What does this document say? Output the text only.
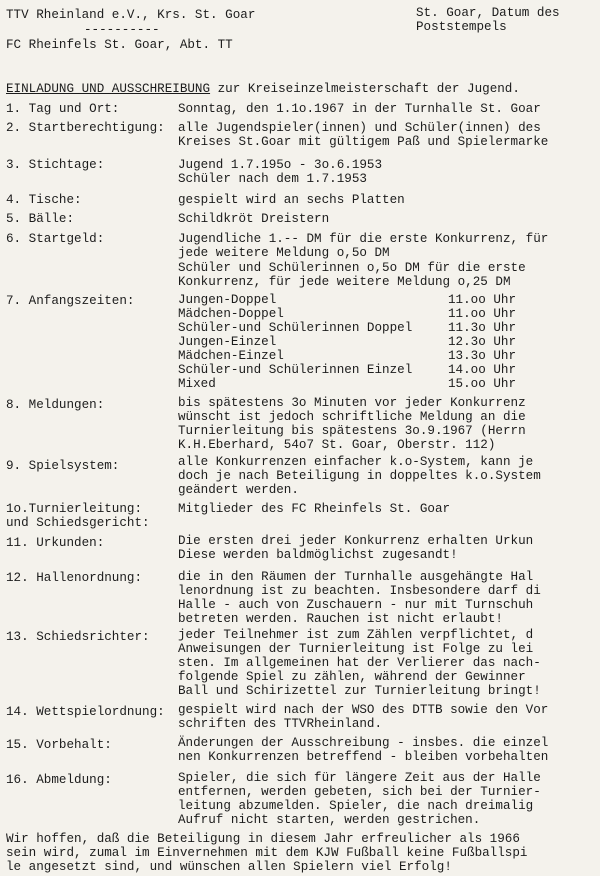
TTV Rheinland e.V., Krs. St. Goar
----------
FC Rheinfels St. Goar, Abt. TT
St. Goar, Datum des
Poststempels
EINLADUNG UND AUSSCHREIBUNG zur Kreiseinzelmeisterschaft der Jugend.
1. Tag und Ort:	Sonntag, den 1.1o.1967 in der Turnhalle St. Goar
2. Startberechtigung: alle Jugendspieler(innen) und Schüler(innen) des
Kreises St.Goar mit gültigem Paß und Spielermarke
3. Stichtage:	Jugend 1.7.195o - 3o.6.1953
Schüler nach dem 1.7.1953
4. Tische:	gespielt wird an sechs Platten
5. Bälle:	Schildkröt Dreistern
6. Startgeld:	Jugendliche 1.-- DM für die erste Konkurrenz, für
jede weitere Meldung o,5o DM
Schüler und Schülerinnen o,5o DM für die erste
Konkurrenz, für jede weitere Meldung o,25 DM
7. Anfangszeiten:	Jungen-Doppel	11.oo Uhr
Mädchen-Doppel	11.oo Uhr
Schüler-und Schülerinnen Doppel	11.3o Uhr
Jungen-Einzel	12.3o Uhr
Mädchen-Einzel	13.3o Uhr
Schüler-und Schülerinnen Einzel	14.oo Uhr
Mixed	15.oo Uhr
8. Meldungen:	bis spätestens 3o Minuten vor jeder Konkurrenz
wünscht ist jedoch schriftliche Meldung an die
Turnierleitung bis spätestens 3o.9.1967 (Herrn
K.H.Eberhard, 54o7 St. Goar, Oberstr. 112)
9. Spielsystem:	alle Konkurrenzen einfacher k.o-System, kann je
doch je nach Beteiligung in doppeltes k.o.System
geändert werden.
1o.Turnierleitung:
und Schiedsgericht:
Mitglieder des FC Rheinfels St. Goar
11. Urkunden:	Die ersten drei jeder Konkurrenz erhalten Urkun
Diese werden baldmöglichst zugesandt!
12. Hallenordnung:	die in den Räumen der Turnhalle ausgehängte Hal
lenordnung ist zu beachten. Insbesondere darf di
Halle - auch von Zuschauern - nur mit Turnschuh
betreten werden. Rauchen ist nicht erlaubt!
13. Schiedsrichter: jeder Teilnehmer ist zum Zählen verpflichtet, d
Anweisungen der Turnierleitung ist Folge zu lei
sten. Im allgemeinen hat der Verlierer das nach-
folgende Spiel zu zählen, während der Gewinner
Ball und Schirizettel zur Turnierleitung bringt!
14. Wettspielordnung: gespielt wird nach der WSO des DTTB sowie den Vor
schriften des TTVRheinland.
15. Vorbehalt:	Änderungen der Ausschreibung - insbes. die einzel
nen Konkurrenzen betreffend - bleiben vorbehalten
16. Abmeldung:	Spieler, die sich für längere Zeit aus der Halle
entfernen, werden gebeten, sich bei der Turnier-
leitung abzumelden. Spieler, die nach dreimalig
Aufruf nicht starten, werden gestrichen.
Wir hoffen, daß die Beteiligung in diesem Jahr erfreulicher als 1966
sein wird, zumal im Einvernehmen mit dem KJW Fußball keine Fußballspi
le angesetzt sind, und wünschen allen Spielern viel Erfolg!
